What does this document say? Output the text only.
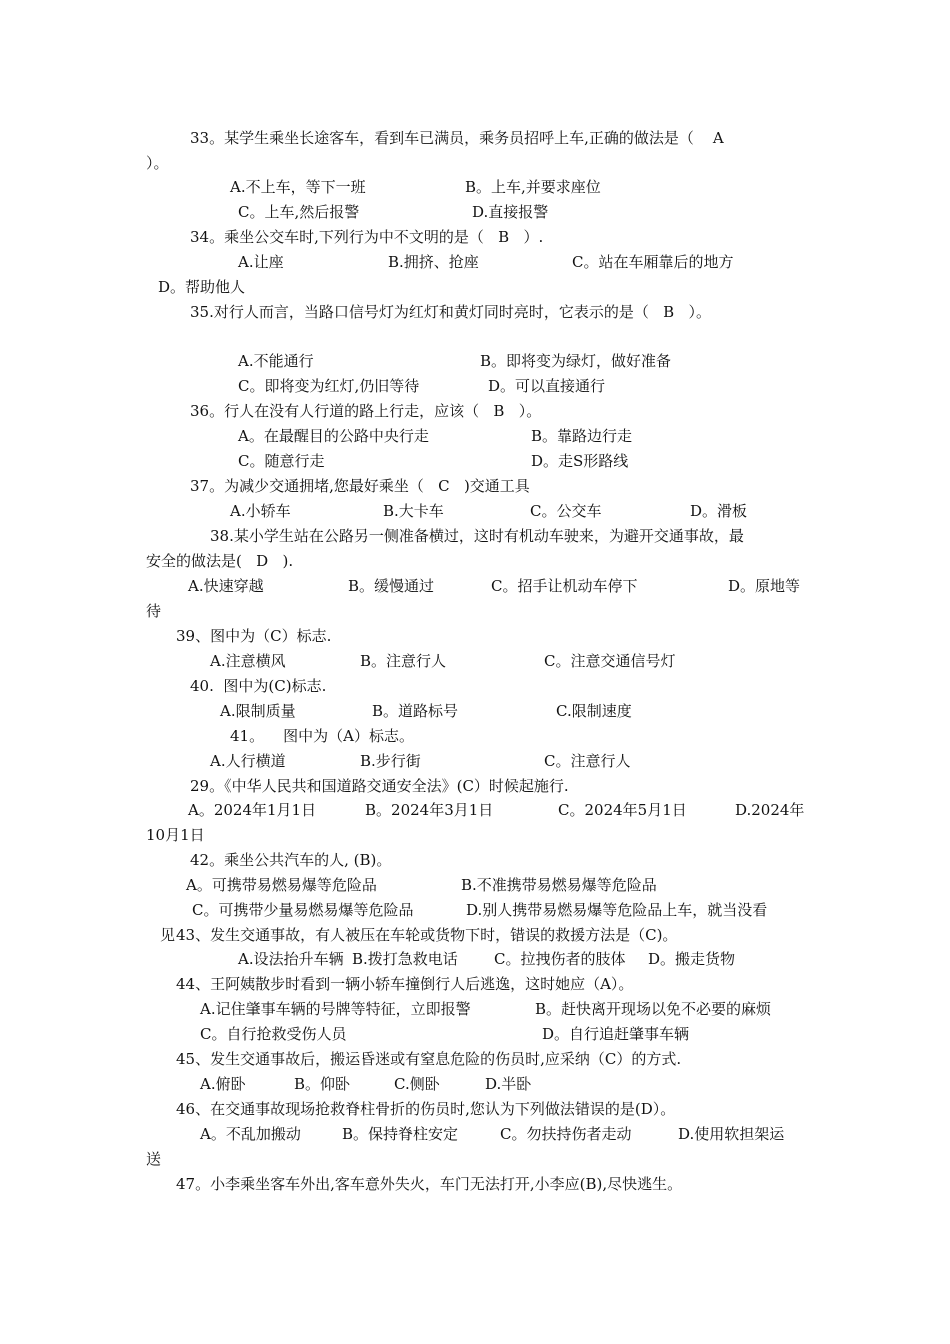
33。某学生乘坐长途客车，看到车已满员，乘务员招呼上车,正确的做法是（    A
）。
A.不上车，等下一班	B。上车,并要求座位
C。上车,然后报警	D.直接报警
34。乘坐公交车时,下列行为中不文明的是（   B   ）.
A.让座	B.拥挤、抢座	C。站在车厢靠后的地方
D。帮助他人
35.对行人而言，当路口信号灯为红灯和黄灯同时亮时，它表示的是（   B   ）。
A.不能通行	B。即将变为绿灯，做好准备
C。即将变为红灯,仍旧等待	D。可以直接通行
36。行人在没有人行道的路上行走，应该（   B   ）。
A。在最醒目的公路中央行走	B。靠路边行走
C。随意行走	D。走S形路线
37。为减少交通拥堵,您最好乘坐（   C   )交通工具
A.小轿车	B.大卡车	C。公交车	D。滑板
38.某小学生站在公路另一侧准备横过，这时有机动车驶来，为避开交通事故，最
安全的做法是(   D   ).
A.快速穿越	B。缓慢通过	C。招手让机动车停下	D。原地等
待
39、图中为（C）标志.
A.注意横风	B。注意行人	C。注意交通信号灯
40.  图中为(C)标志.
A.限制质量	B。道路标号	C.限制速度
41。    图中为（A）标志。
A.人行横道	B.步行街	C。注意行人
29。《中华人民共和国道路交通安全法》(C）时候起施行.
A。2024年1月1日	B。2024年3月1日	C。2024年5月1日	D.2024年
10月1日
42。乘坐公共汽车的人, (B)。
A。可携带易燃易爆等危险品	B.不准携带易燃易爆等危险品
C。可携带少量易燃易爆等危险品	D.别人携带易燃易爆等危险品上车，就当没看
见 43、发生交通事故，有人被压在车轮或货物下时，错误的救援方法是（C)。
A.设法抬升车辆 B.拨打急救电话 C。拉拽伤者的肢体 D。搬走货物
44、王阿姨散步时看到一辆小轿车撞倒行人后逃逸，这时她应（A）。
A.记住肇事车辆的号牌等特征，立即报警	B。赶快离开现场以免不必要的麻烦
C。自行抢救受伤人员	D。自行追赶肇事车辆
45、发生交通事故后，搬运昏迷或有窒息危险的伤员时,应采纳（C）的方式.
A.俯卧	B。仰卧	C.侧卧	D.半卧
46、在交通事故现场抢救脊柱骨折的伤员时,您认为下列做法错误的是(D）。
A。不乱加搬动	B。保持脊柱安定	C。勿扶持伤者走动	D.使用软担架运
送
47。小李乘坐客车外出,客车意外失火，车门无法打开,小李应(B),尽快逃生。
